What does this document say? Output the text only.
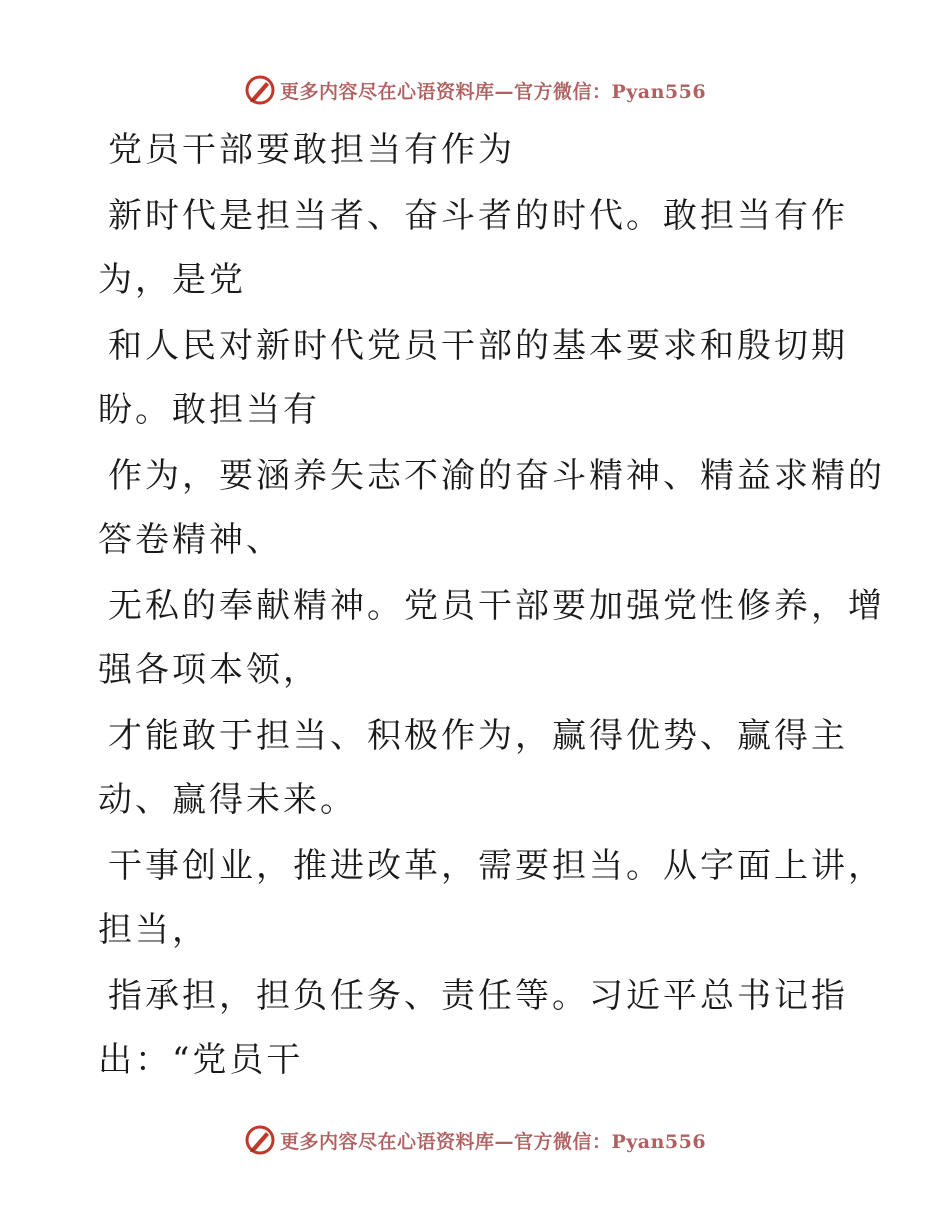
更多内容尽在心语资料库—官方微信：Pyan556
党员干部要敢担当有作为
新时代是担当者、奋斗者的时代。敢担当有作
为，是党
和人民对新时代党员干部的基本要求和殷切期
盼。敢担当有
作为，要涵养矢志不渝的奋斗精神、精益求精的
答卷精神、
无私的奉献精神。党员干部要加强党性修养，增
强各项本领，
才能敢于担当、积极作为，赢得优势、赢得主
动、赢得未来。
干事创业，推进改革，需要担当。从字面上讲，
担当，
指承担，担负任务、责任等。习近平总书记指
出：“党员干
更多内容尽在心语资料库—官方微信：Pyan556
